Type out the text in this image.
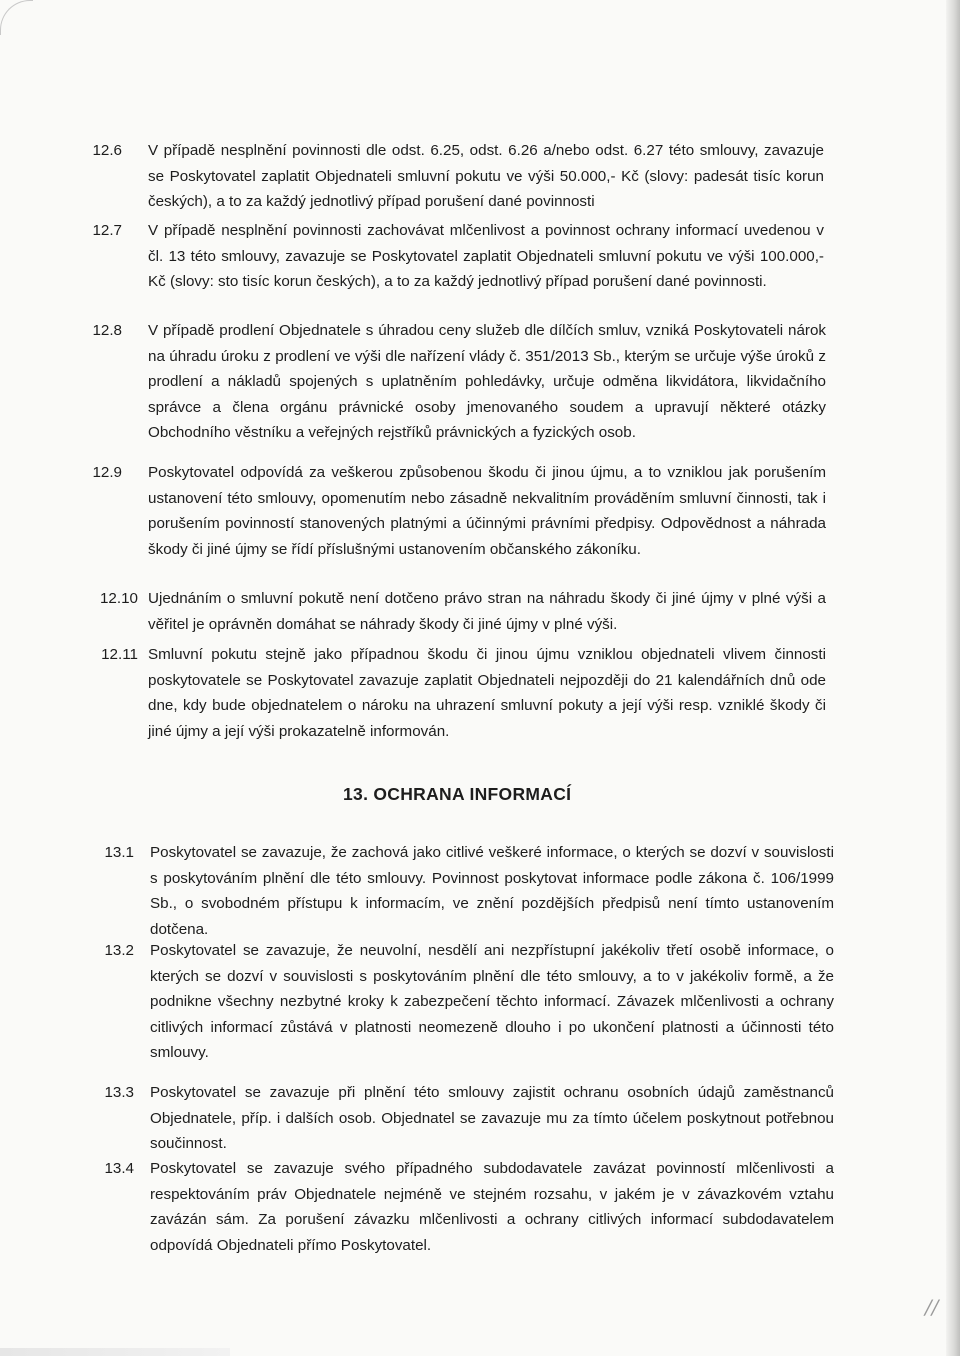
12.6 V případě nesplnění povinnosti dle odst. 6.25, odst. 6.26 a/nebo odst. 6.27 této smlouvy, zavazuje se Poskytovatel zaplatit Objednateli smluvní pokutu ve výši 50.000,- Kč (slovy: padesát tisíc korun českých), a to za každý jednotlivý případ porušení dané povinnosti
12.7 V případě nesplnění povinnosti zachovávat mlčenlivost a povinnost ochrany informací uvedenou v čl. 13 této smlouvy, zavazuje se Poskytovatel zaplatit Objednateli smluvní pokutu ve výši 100.000,- Kč (slovy: sto tisíc korun českých), a to za každý jednotlivý případ porušení dané povinnosti.
12.8 V případě prodlení Objednatele s úhradou ceny služeb dle dílčích smluv, vzniká Poskytovateli nárok na úhradu úroku z prodlení ve výši dle nařízení vlády č. 351/2013 Sb., kterým se určuje výše úroků z prodlení a nákladů spojených s uplatněním pohledávky, určuje odměna likvidátora, likvidačního správce a člena orgánu právnické osoby jmenovaného soudem a upravují některé otázky Obchodního věstníku a veřejných rejstříků právnických a fyzických osob.
12.9 Poskytovatel odpovídá za veškerou způsobenou škodu či jinou újmu, a to vzniklou jak porušením ustanovení této smlouvy, opomenutím nebo zásadně nekvalitním prováděním smluvní činnosti, tak i porušením povinností stanovených platnými a účinnými právními předpisy. Odpovědnost a náhrada škody či jiné újmy se řídí příslušnými ustanovením občanského zákoníku.
12.10 Ujednáním o smluvní pokutě není dotčeno právo stran na náhradu škody či jiné újmy v plné výši a věřitel je oprávněn domáhat se náhrady škody či jiné újmy v plné výši.
12.11 Smluvní pokutu stejně jako případnou škodu či jinou újmu vzniklou objednateli vlivem činnosti poskytovatele se Poskytovatel zavazuje zaplatit Objednateli nejpozději do 21 kalendářních dnů ode dne, kdy bude objednatelem o nároku na uhrazení smluvní pokuty a její výši resp. vzniklé škody či jiné újmy a její výši prokazatelně informován.
13. OCHRANA INFORMACÍ
13.1 Poskytovatel se zavazuje, že zachová jako citlivé veškeré informace, o kterých se dozví v souvislosti s poskytováním plnění dle této smlouvy. Povinnost poskytovat informace podle zákona č. 106/1999 Sb., o svobodném přístupu k informacím, ve znění pozdějších předpisů není tímto ustanovením dotčena.
13.2 Poskytovatel se zavazuje, že neuvolní, nesdělí ani nezpřístupní jakékoliv třetí osobě informace, o kterých se dozví v souvislosti s poskytováním plnění dle této smlouvy, a to v jakékoliv formě, a že podnikne všechny nezbytné kroky k zabezpečení těchto informací. Závazek mlčenlivosti a ochrany citlivých informací zůstává v platnosti neomezeně dlouho i po ukončení platnosti a účinnosti této smlouvy.
13.3 Poskytovatel se zavazuje při plnění této smlouvy zajistit ochranu osobních údajů zaměstnanců Objednatele, příp. i dalších osob. Objednatel se zavazuje mu za tímto účelem poskytnout potřebnou součinnost.
13.4 Poskytovatel se zavazuje svého případného subdodavatele zavázat povinností mlčenlivosti a respektováním práv Objednatele nejméně ve stejném rozsahu, v jakém je v závazkovém vztahu zavázán sám. Za porušení závazku mlčenlivosti a ochrany citlivých informací subdodavatelem odpovídá Objednateli přímo Poskytovatel.
//
